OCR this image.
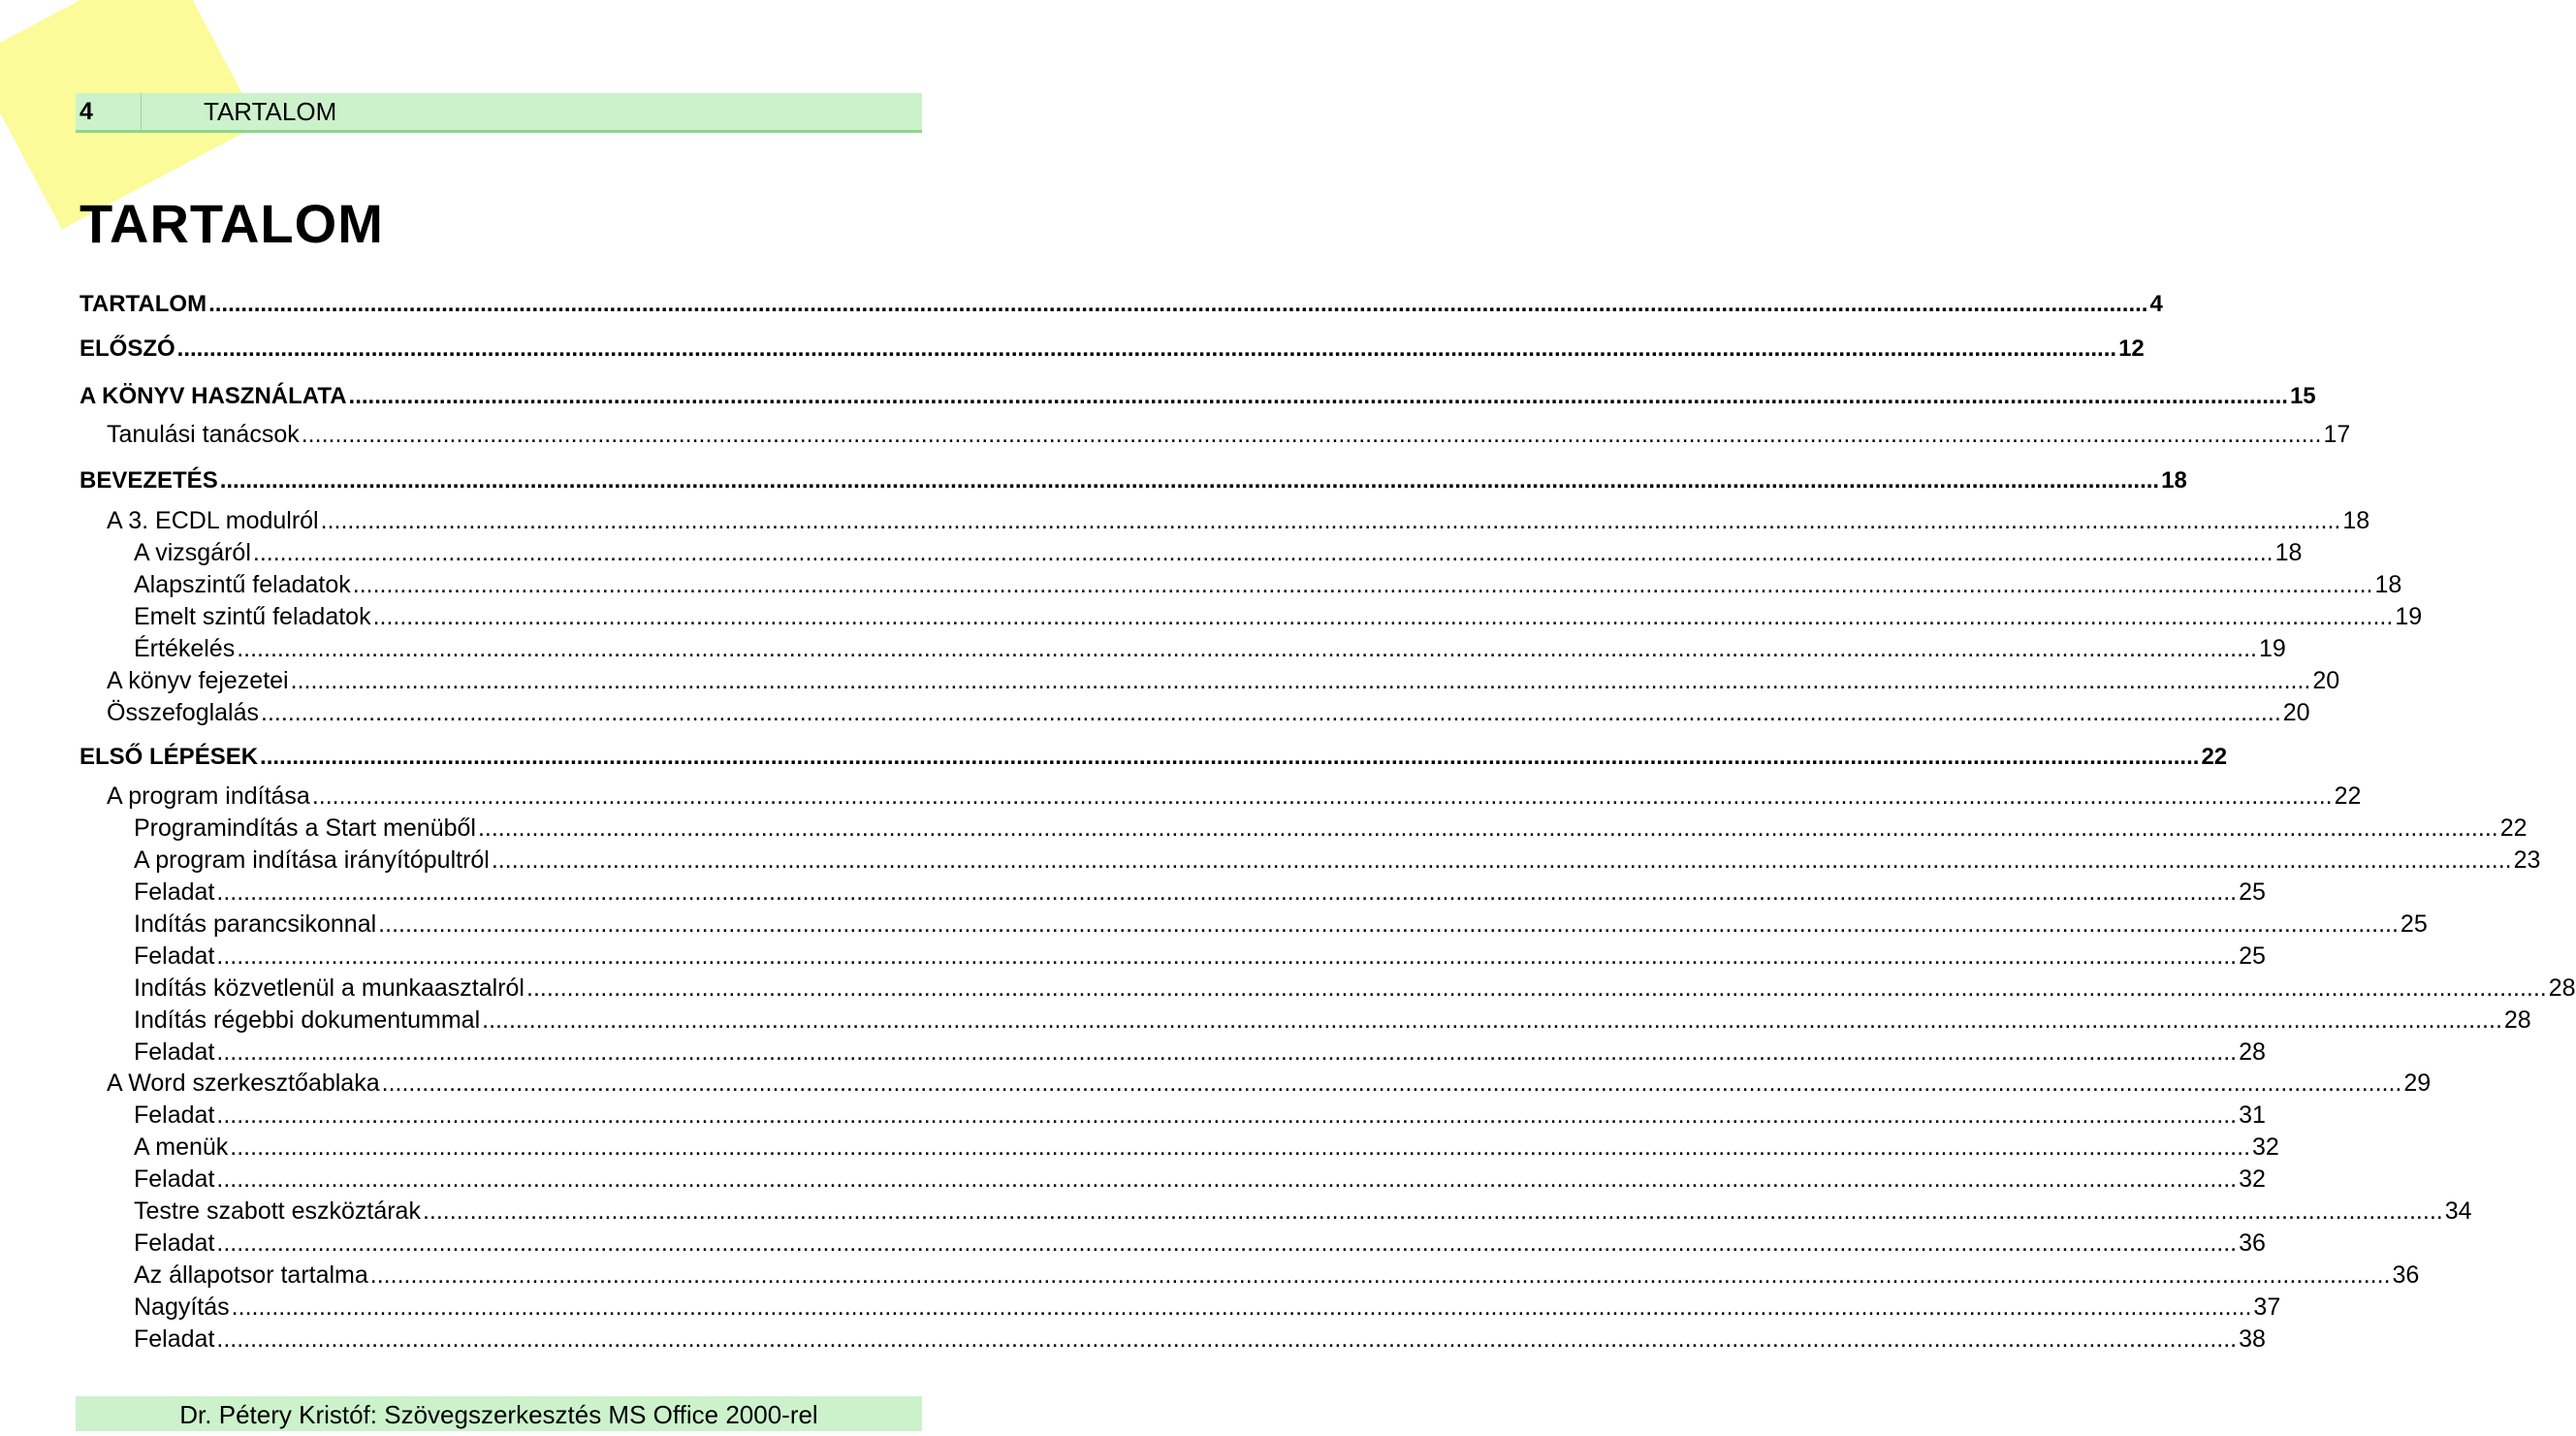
4	TARTALOM
TARTALOM
TARTALOM ............................................................................................................................................................................................................................................................................................................ 4
ELŐSZÓ ............................................................................................................................................................................................................................................................................................................ 12
A KÖNYV HASZNÁLATA ............................................................................................................................................................................................................................................................................................................ 15
Tanulási tanácsok ............................................................................................................................................................................................................................................................................................................ 17
BEVEZETÉS ............................................................................................................................................................................................................................................................................................................ 18
A 3. ECDL modulról ............................................................................................................................................................................................................................................................................................................ 18
A vizsgáról ............................................................................................................................................................................................................................................................................................................ 18
Alapszintű feladatok ............................................................................................................................................................................................................................................................................................................ 18
Emelt szintű feladatok ............................................................................................................................................................................................................................................................................................................ 19
Értékelés ............................................................................................................................................................................................................................................................................................................ 19
A könyv fejezetei ............................................................................................................................................................................................................................................................................................................ 20
Összefoglalás ............................................................................................................................................................................................................................................................................................................ 20
ELSŐ LÉPÉSEK ............................................................................................................................................................................................................................................................................................................ 22
A program indítása ............................................................................................................................................................................................................................................................................................................ 22
Programindítás a Start menüből ............................................................................................................................................................................................................................................................................................................ 22
A program indítása irányítópultról ............................................................................................................................................................................................................................................................................................................ 23
Feladat ............................................................................................................................................................................................................................................................................................................ 25
Indítás parancsikonnal ............................................................................................................................................................................................................................................................................................................ 25
Feladat ............................................................................................................................................................................................................................................................................................................ 25
Indítás közvetlenül a munkaasztalról ............................................................................................................................................................................................................................................................................................................ 28
Indítás régebbi dokumentummal ............................................................................................................................................................................................................................................................................................................ 28
Feladat ............................................................................................................................................................................................................................................................................................................ 28
A Word szerkesztőablaka ............................................................................................................................................................................................................................................................................................................ 29
Feladat ............................................................................................................................................................................................................................................................................................................ 31
A menük ............................................................................................................................................................................................................................................................................................................ 32
Feladat ............................................................................................................................................................................................................................................................................................................ 32
Testre szabott eszköztárak ............................................................................................................................................................................................................................................................................................................ 34
Feladat ............................................................................................................................................................................................................................................................................................................ 36
Az állapotsor tartalma ............................................................................................................................................................................................................................................................................................................ 36
Nagyítás ............................................................................................................................................................................................................................................................................................................ 37
Feladat ............................................................................................................................................................................................................................................................................................................ 38
Dr. Pétery Kristóf: Szövegszerkesztés MS Office 2000-rel
